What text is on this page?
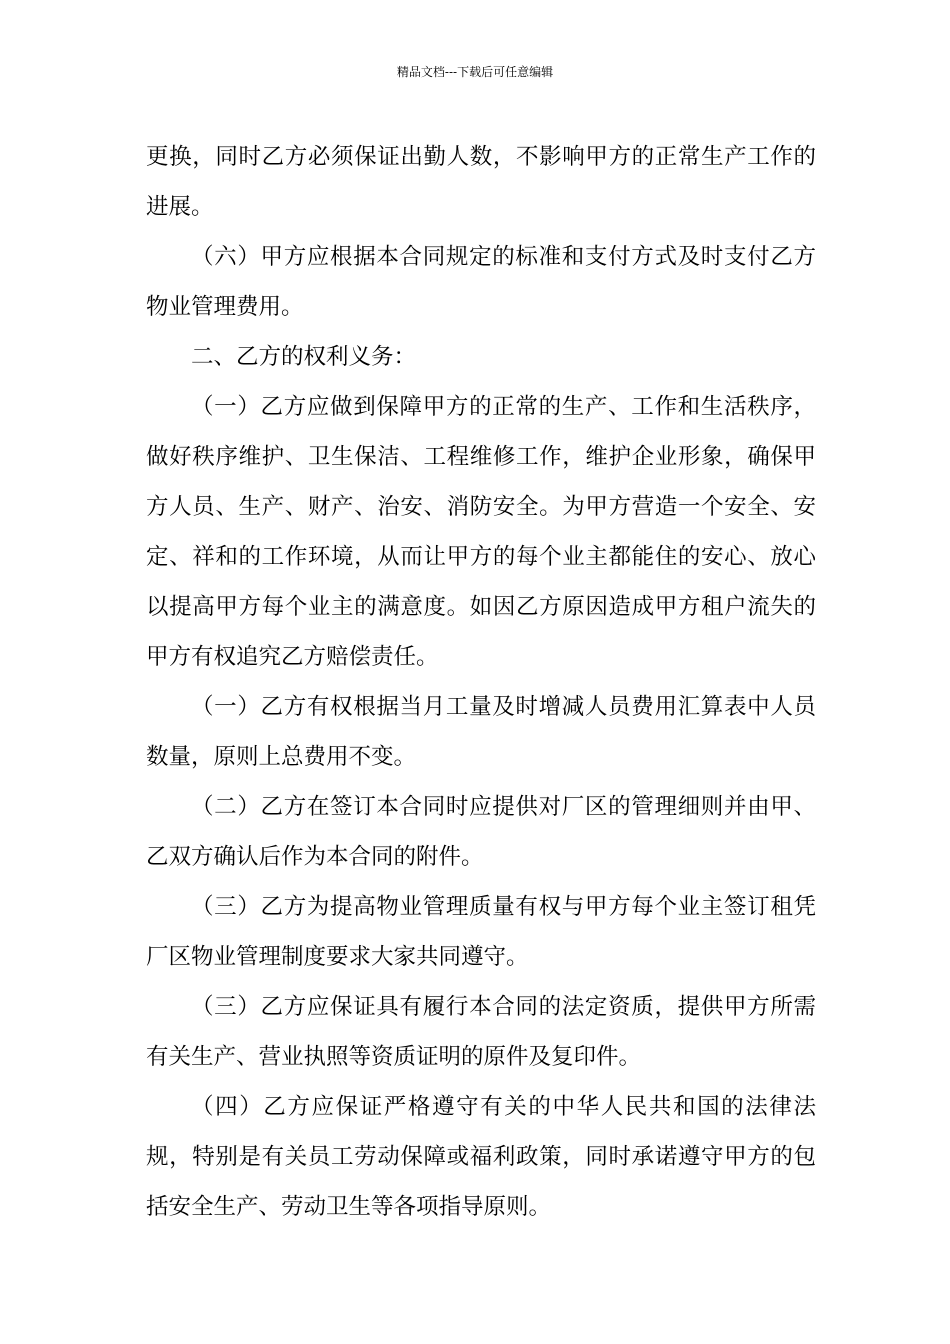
精品文档---下载后可任意编辑

更换，同时乙方必须保证出勤人数，不影响甲方的正常生产工作的进展。

（六）甲方应根据本合同规定的标准和支付方式及时支付乙方物业管理费用。

二、乙方的权利义务：

（一）乙方应做到保障甲方的正常的生产、工作和生活秩序，做好秩序维护、卫生保洁、工程维修工作，维护企业形象，确保甲方人员、生产、财产、治安、消防安全。为甲方营造一个安全、安定、祥和的工作环境，从而让甲方的每个业主都能住的安心、放心以提高甲方每个业主的满意度。如因乙方原因造成甲方租户流失的甲方有权追究乙方赔偿责任。

（一）乙方有权根据当月工量及时增减人员费用汇算表中人员数量，原则上总费用不变。

（二）乙方在签订本合同时应提供对厂区的管理细则并由甲、乙双方确认后作为本合同的附件。

（三）乙方为提高物业管理质量有权与甲方每个业主签订租凭厂区物业管理制度要求大家共同遵守。

（三）乙方应保证具有履行本合同的法定资质，提供甲方所需有关生产、营业执照等资质证明的原件及复印件。

（四）乙方应保证严格遵守有关的中华人民共和国的法律法规，特别是有关员工劳动保障或福利政策，同时承诺遵守甲方的包括安全生产、劳动卫生等各项指导原则。
